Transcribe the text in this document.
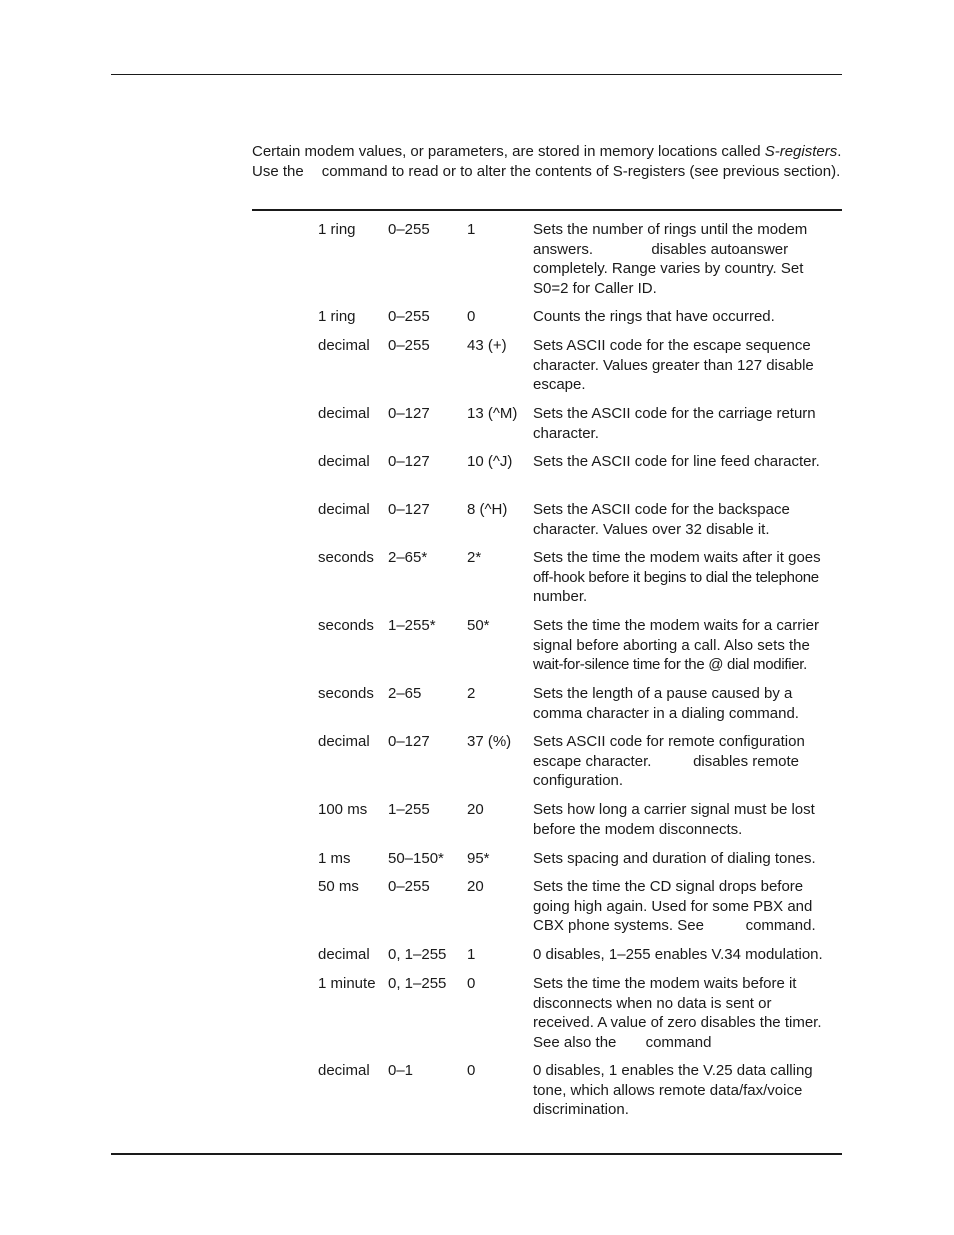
Certain modem values, or parameters, are stored in memory locations called S-registers.

Use the command to read or to alter the contents of S-registers (see previous section).

1 ring 0–255 1	Sets the number of rings until the modem
answers.              disables autoanswer
completely. Range varies by country. Set
S0=2 for Caller ID.
1 ring 0–255 0	Counts the rings that have occurred.
decimal 0–255 43 (+) Sets ASCII code for the escape sequence
character. Values greater than 127 disable
escape.
decimal 0–127 13 (^M) Sets the ASCII code for the carriage return
character.
decimal 0–127 10 (^J) Sets the ASCII code for line feed character.
decimal 0–127 8 (^H) Sets the ASCII code for the backspace
character. Values over 32 disable it.
seconds 2–65*	2*	Sets the time the modem waits after it goes
off-hook before it begins to dial the telephone
number.
seconds 1–255* 50*	Sets the time the modem waits for a carrier
signal before aborting a call. Also sets the
wait-for-silence time for the @ dial modifier.
seconds 2–65	2	Sets the length of a pause caused by a
comma character in a dialing command.
decimal 0–127 37 (%) Sets ASCII code for remote configuration
escape character.          disables remote
configuration.
100 ms 1–255 20	Sets how long a carrier signal must be lost
before the modem disconnects.
1 ms 50–150* 95*	Sets spacing and duration of dialing tones.
50 ms 0–255 20	Sets the time the CD signal drops before
going high again. Used for some PBX and
CBX phone systems. See          command.
decimal 0, 1–255 1	0 disables, 1–255 enables V.34 modulation.
1 minute 0, 1–255 0	Sets the time the modem waits before it
disconnects when no data is sent or
received. A value of zero disables the timer.
See also the       command
decimal 0–1	0	0 disables, 1 enables the V.25 data calling
tone, which allows remote data/fax/voice
discrimination.
